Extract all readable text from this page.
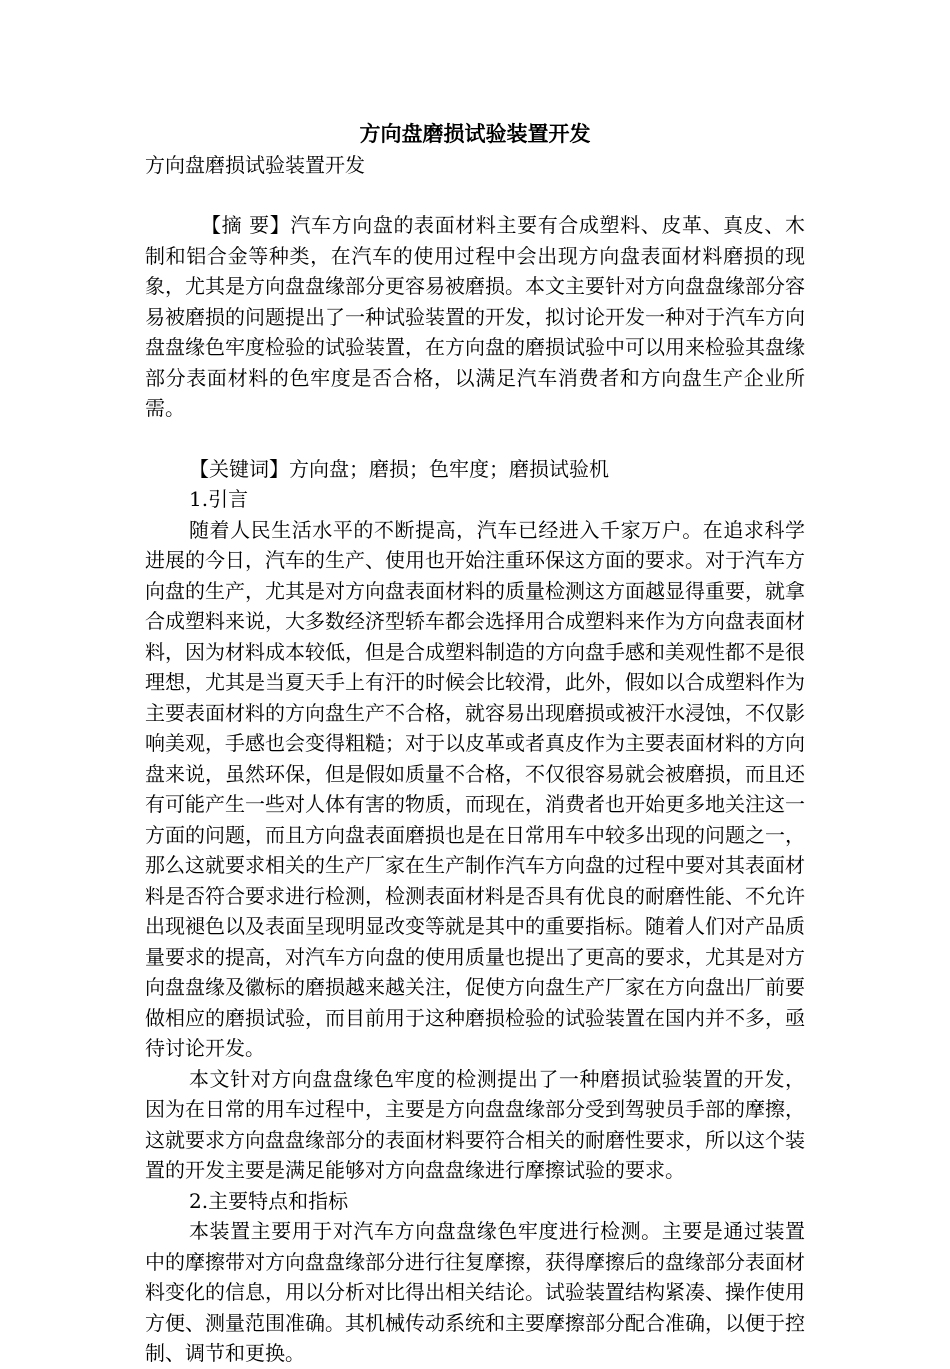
方向盘磨损试验装置开发

方向盘磨损试验装置开发

【摘 要】汽车方向盘的表面材料主要有合成塑料、皮革、真皮、木制和铝合金等种类，在汽车的使用过程中会出现方向盘表面材料磨损的现象，尤其是方向盘盘缘部分更容易被磨损。本文主要针对方向盘盘缘部分容易被磨损的问题提出了一种试验装置的开发，拟讨论开发一种对于汽车方向盘盘缘色牢度检验的试验装置，在方向盘的磨损试验中可以用来检验其盘缘部分表面材料的色牢度是否合格，以满足汽车消费者和方向盘生产企业所需。

【关键词】方向盘；磨损；色牢度；磨损试验机

1.引言

随着人民生活水平的不断提高，汽车已经进入千家万户。在追求科学进展的今日，汽车的生产、使用也开始注重环保这方面的要求。对于汽车方向盘的生产，尤其是对方向盘表面材料的质量检测这方面越显得重要，就拿合成塑料来说，大多数经济型轿车都会选择用合成塑料来作为方向盘表面材料，因为材料成本较低，但是合成塑料制造的方向盘手感和美观性都不是很理想，尤其是当夏天手上有汗的时候会比较滑，此外，假如以合成塑料作为主要表面材料的方向盘生产不合格，就容易出现磨损或被汗水浸蚀，不仅影响美观，手感也会变得粗糙；对于以皮革或者真皮作为主要表面材料的方向盘来说，虽然环保，但是假如质量不合格，不仅很容易就会被磨损，而且还有可能产生一些对人体有害的物质，而现在，消费者也开始更多地关注这一方面的问题，而且方向盘表面磨损也是在日常用车中较多出现的问题之一，那么这就要求相关的生产厂家在生产制作汽车方向盘的过程中要对其表面材料是否符合要求进行检测，检测表面材料是否具有优良的耐磨性能、不允许出现褪色以及表面呈现明显改变等就是其中的重要指标。随着人们对产品质量要求的提高，对汽车方向盘的使用质量也提出了更高的要求，尤其是对方向盘盘缘及徽标的磨损越来越关注，促使方向盘生产厂家在方向盘出厂前要做相应的磨损试验，而目前用于这种磨损检验的试验装置在国内并不多，亟待讨论开发。

本文针对方向盘盘缘色牢度的检测提出了一种磨损试验装置的开发，因为在日常的用车过程中，主要是方向盘盘缘部分受到驾驶员手部的摩擦，这就要求方向盘盘缘部分的表面材料要符合相关的耐磨性要求，所以这个装置的开发主要是满足能够对方向盘盘缘进行摩擦试验的要求。

2.主要特点和指标

本装置主要用于对汽车方向盘盘缘色牢度进行检测。主要是通过装置中的摩擦带对方向盘盘缘部分进行往复摩擦，获得摩擦后的盘缘部分表面材料变化的信息，用以分析对比得出相关结论。试验装置结构紧凑、操作使用方便、测量范围准确。其机械传动系统和主要摩擦部分配合准确，以便于控制、调节和更换。
